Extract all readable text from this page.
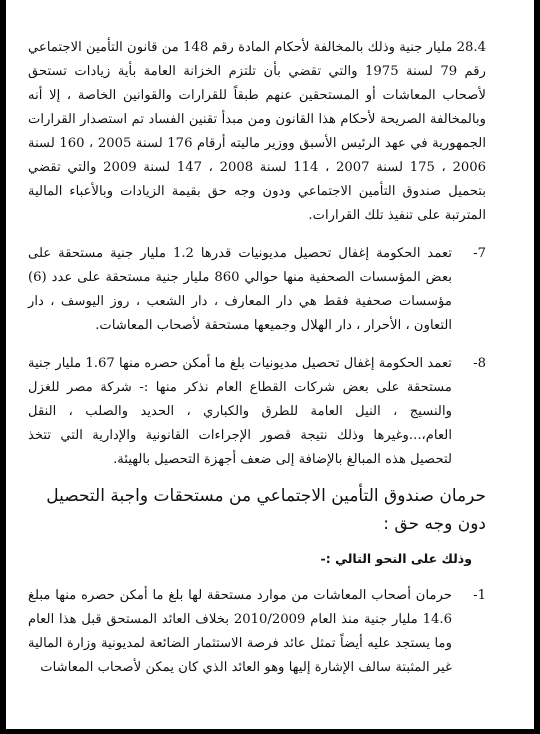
28.4 مليار جنية وذلك بالمخالفة لأحكام المادة رقم 148 من قانون التأمين الاجتماعي رقم 79 لسنة 1975 والتي تقضي بأن تلتزم الخزانة العامة بأية زيادات تستحق لأصحاب المعاشات أو المستحقين عنهم طبقاً للقرارات والقوانين الخاصة ، إلا أنه وبالمخالفة الصريحة لأحكام هذا القانون ومن مبدأ تقنين الفساد تم استصدار القرارات الجمهورية في عهد الرئيس الأسبق ووزير ماليته أرقام 176 لسنة 2005 ، 160 لسنة 2006 ، 175 لسنة 2007 ، 114 لسنة 2008 ، 147 لسنة 2009 والتي تقضي بتحميل صندوق التأمين الاجتماعي ودون وجه حق بقيمة الزيادات وبالأعباء المالية المترتبة على تنفيذ تلك القرارات.

7-
تعمد الحكومة إغفال تحصيل مديونيات قدرها 1.2 مليار جنية مستحقة على بعض المؤسسات الصحفية منها حوالي 860 مليار جنية مستحقة على عدد (6) مؤسسات صحفية فقط هي دار المعارف ، دار الشعب ، روز اليوسف ، دار التعاون ، الأحرار ، دار الهلال وجميعها مستحقة لأصحاب المعاشات.
8-
تعمد الحكومة إغفال تحصيل مديونيات بلغ ما أمكن حصره منها 1.67 مليار جنية مستحقة على بعض شركات القطاع العام نذكر منها :- شركة مصر للغزل والنسيج ، النيل العامة للطرق والكباري ، الحديد والصلب ، النقل العام،...وغيرها وذلك نتيجة قصور الإجراءات القانونية والإدارية التي تتخذ لتحصيل هذه المبالغ بالإضافة إلى ضعف أجهزة التحصيل بالهيئة.
حرمان صندوق التأمين الاجتماعي من مستحقات واجبة التحصيل دون وجه حق :
وذلك على النحو التالي :-
1-
حرمان أصحاب المعاشات من موارد مستحقة لها بلغ ما أمكن حصره منها مبلغ 14.6 مليار جنية منذ العام 2010/2009 بخلاف العائد المستحق قبل هذا العام وما يستجد عليه أيضاً تمثل عائد فرصة الاستثمار الضائعة لمديونية وزارة المالية غير المثبتة سالف الإشارة إليها وهو العائد الذي كان يمكن لأصحاب المعاشات
